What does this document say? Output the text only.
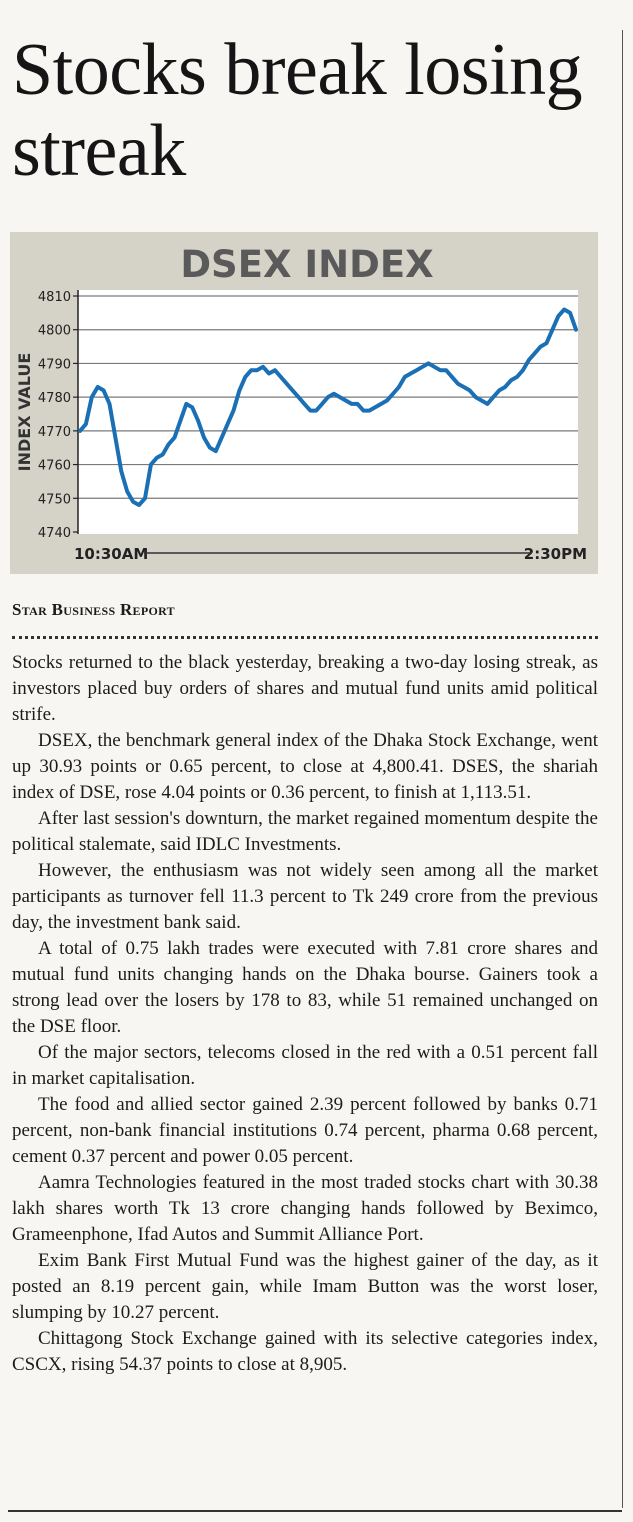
Stocks break losing streak
DSEX INDEX
4740
4750
4760
4770
4780
4790
4800
4810
INDEX VALUE
10:30AM	2:30PM
Star Business Report

Stocks returned to the black yesterday, breaking a two-day losing streak, as investors placed buy orders of shares and mutual fund units amid political strife.

DSEX, the benchmark general index of the Dhaka Stock Exchange, went up 30.93 points or 0.65 percent, to close at 4,800.41. DSES, the shariah index of DSE, rose 4.04 points or 0.36 percent, to finish at 1,113.51.

After last session's downturn, the market regained momentum despite the political stalemate, said IDLC Investments.

However, the enthusiasm was not widely seen among all the market participants as turnover fell 11.3 percent to Tk 249 crore from the previous day, the investment bank said.

A total of 0.75 lakh trades were executed with 7.81 crore shares and mutual fund units changing hands on the Dhaka bourse. Gainers took a strong lead over the losers by 178 to 83, while 51 remained unchanged on the DSE floor.

Of the major sectors, telecoms closed in the red with a 0.51 percent fall in market capitalisation.

The food and allied sector gained 2.39 percent followed by banks 0.71 percent, non-bank financial institutions 0.74 percent, pharma 0.68 percent, cement 0.37 percent and power 0.05 percent.

Aamra Technologies featured in the most traded stocks chart with 30.38 lakh shares worth Tk 13 crore changing hands followed by Beximco, Grameenphone, Ifad Autos and Summit Alliance Port.

Exim Bank First Mutual Fund was the highest gainer of the day, as it posted an 8.19 percent gain, while Imam Button was the worst loser, slumping by 10.27 percent.

Chittagong Stock Exchange gained with its selective categories index, CSCX, rising 54.37 points to close at 8,905.
